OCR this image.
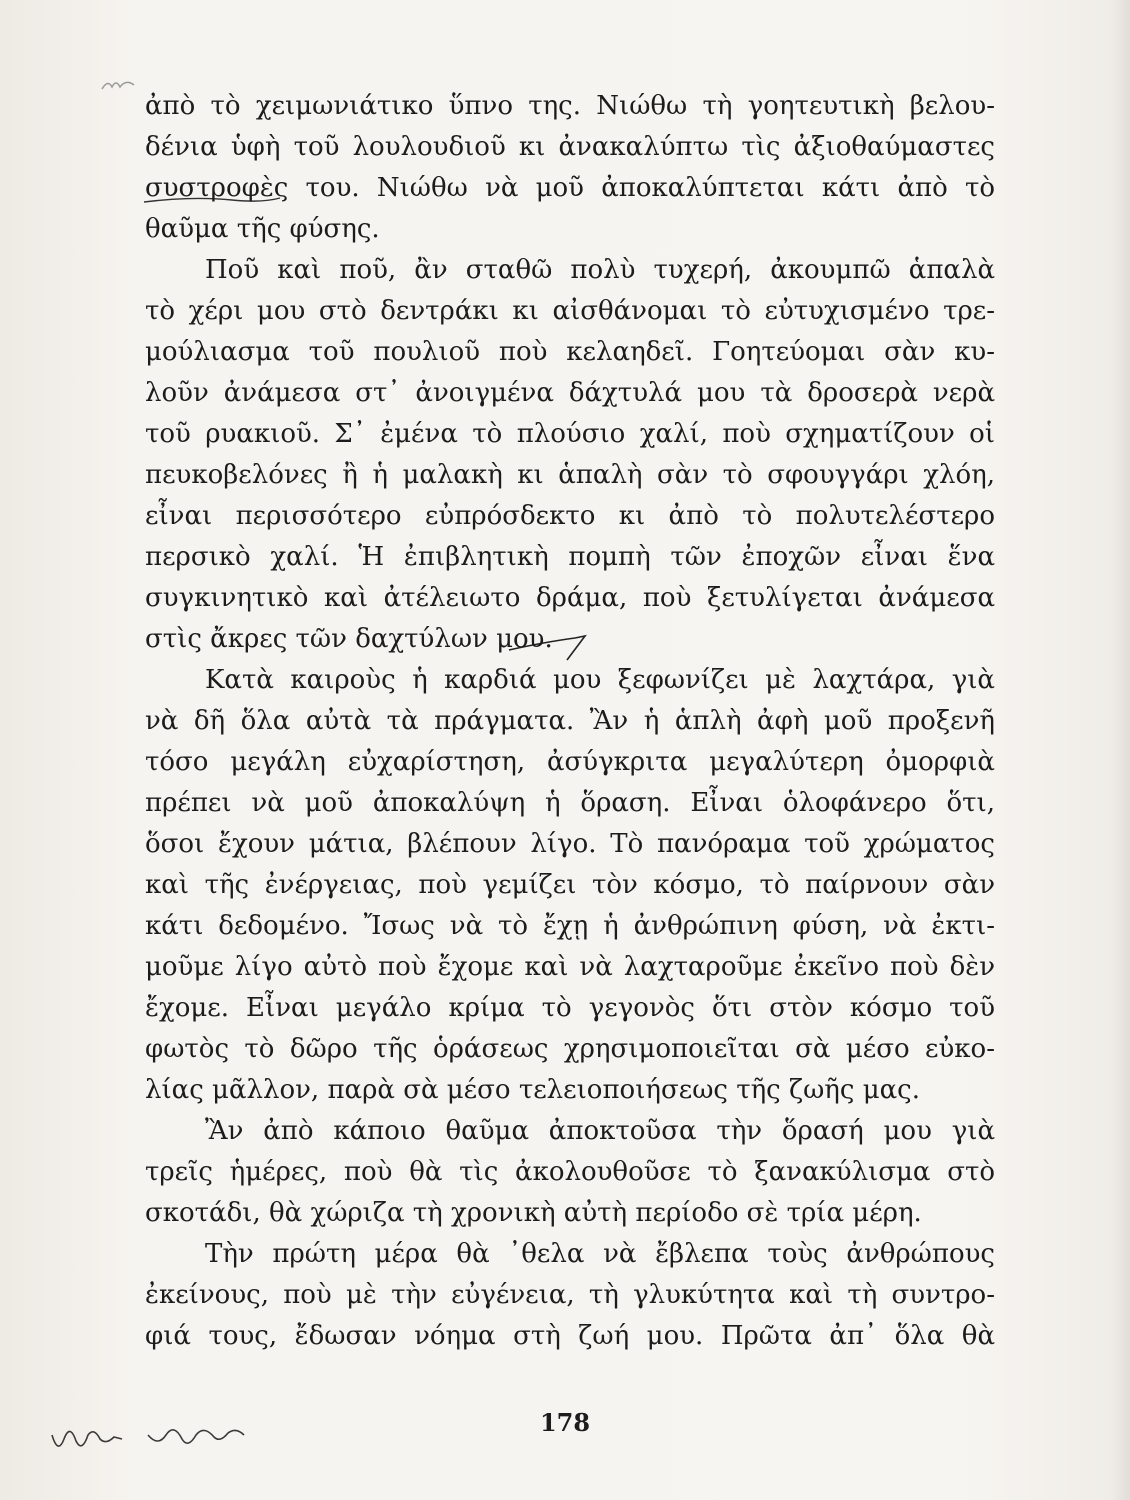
ἀπὸ τὸ χειμωνιάτικο ὕπνο της. Νιώθω τὴ γοητευτικὴ βελου-
δένια ὑφὴ τοῦ λουλουδιοῦ κι ἀνακαλύπτω τὶς ἀξιοθαύμαστες
συστροφὲς του. Νιώθω νὰ μοῦ ἀποκαλύπτεται κάτι ἀπὸ τὸ
θαῦμα τῆς φύσης.
Ποῦ καὶ ποῦ, ἂν σταθῶ πολὺ τυχερή, ἀκουμπῶ ἁπαλὰ
τὸ χέρι μου στὸ δεντράκι κι αἰσθάνομαι τὸ εὐτυχισμένο τρε-
μούλιασμα τοῦ πουλιοῦ ποὺ κελαηδεῖ. Γοητεύομαι σὰν κυ-
λοῦν ἀνάμεσα στ᾽ ἀνοιγμένα δάχτυλά μου τὰ δροσερὰ νερὰ
τοῦ ρυακιοῦ. Σ᾽ ἐμένα τὸ πλούσιο χαλί, ποὺ σχηματίζουν οἱ
πευκοβελόνες ἢ ἡ μαλακὴ κι ἁπαλὴ σὰν τὸ σφουγγάρι χλόη,
εἶναι περισσότερο εὐπρόσδεκτο κι ἀπὸ τὸ πολυτελέστερο
περσικὸ χαλί. Ἡ ἐπιβλητικὴ πομπὴ τῶν ἐποχῶν εἶναι ἕνα
συγκινητικὸ καὶ ἀτέλειωτο δράμα, ποὺ ξετυλίγεται ἀνάμεσα
στὶς ἄκρες τῶν δαχτύλων μου.
Κατὰ καιροὺς ἡ καρδιά μου ξεφωνίζει μὲ λαχτάρα, γιὰ
νὰ δῆ ὅλα αὐτὰ τὰ πράγματα. Ἂν ἡ ἁπλὴ ἀφὴ μοῦ προξενῆ
τόσο μεγάλη εὐχαρίστηση, ἀσύγκριτα μεγαλύτερη ὀμορφιὰ
πρέπει νὰ μοῦ ἀποκαλύψη ἡ ὅραση. Εἶναι ὁλοφάνερο ὅτι,
ὅσοι ἔχουν μάτια, βλέπουν λίγο. Τὸ πανόραμα τοῦ χρώματος
καὶ τῆς ἐνέργειας, ποὺ γεμίζει τὸν κόσμο, τὸ παίρνουν σὰν
κάτι δεδομένο. Ἴσως νὰ τὸ ἔχῃ ἡ ἀνθρώπινη φύση, νὰ ἐκτι-
μοῦμε λίγο αὐτὸ ποὺ ἔχομε καὶ νὰ λαχταροῦμε ἐκεῖνο ποὺ δὲν
ἔχομε. Εἶναι μεγάλο κρίμα τὸ γεγονὸς ὅτι στὸν κόσμο τοῦ
φωτὸς τὸ δῶρο τῆς ὁράσεως χρησιμοποιεῖται σὰ μέσο εὐκο-
λίας μᾶλλον, παρὰ σὰ μέσο τελειοποιήσεως τῆς ζωῆς μας.
Ἂν ἀπὸ κάποιο θαῦμα ἀποκτοῦσα τὴν ὅρασή μου γιὰ
τρεῖς ἡμέρες, ποὺ θὰ τὶς ἀκολουθοῦσε τὸ ξανακύλισμα στὸ
σκοτάδι, θὰ χώριζα τὴ χρονικὴ αὐτὴ περίοδο σὲ τρία μέρη.
Τὴν πρώτη μέρα θὰ ᾽θελα νὰ ἔβλεπα τοὺς ἀνθρώπους
ἐκείνους, ποὺ μὲ τὴν εὐγένεια, τὴ γλυκύτητα καὶ τὴ συντρο-
φιά τους, ἔδωσαν νόημα στὴ ζωή μου. Πρῶτα ἀπ᾽ ὅλα θὰ
178
